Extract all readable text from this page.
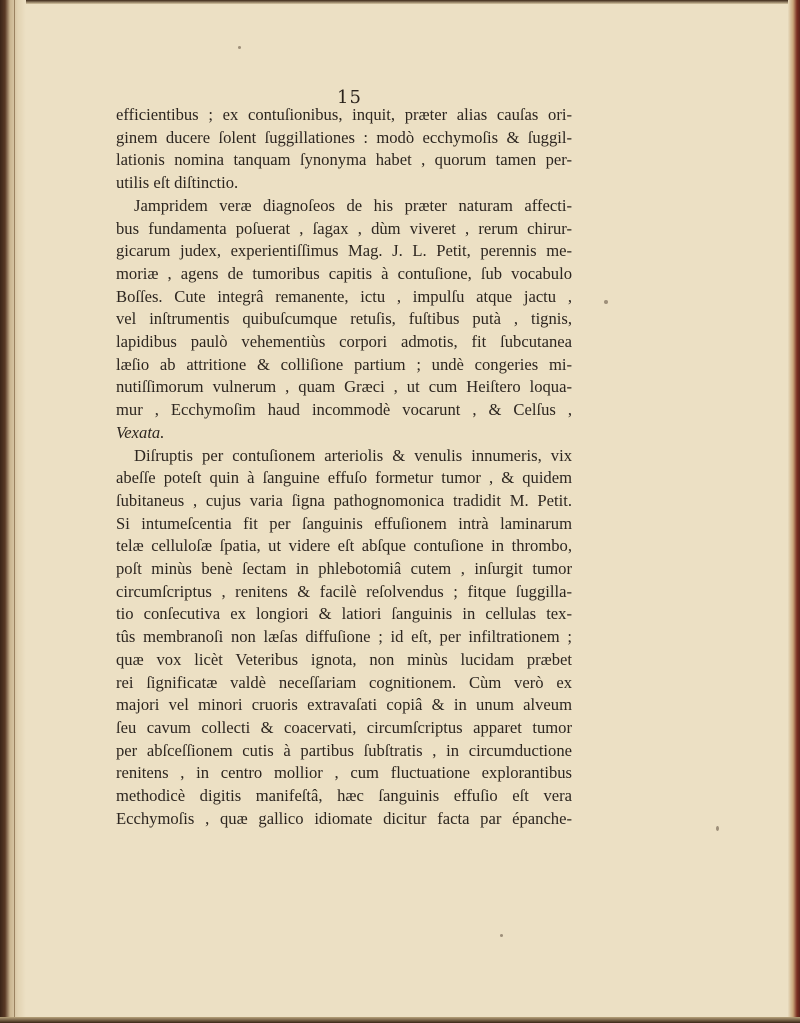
15
efficientibus ; ex contuſionibus, inquit, præter alias cauſas ori-
ginem ducere ſolent ſuggillationes : modò ecchymoſis & ſuggil-
lationis nomina tanquam ſynonyma habet , quorum tamen per-
utilis eſt diſtinctio.
Jampridem veræ diagnoſeos de his præter naturam affecti-
bus fundamenta poſuerat , ſagax , dùm viveret , rerum chirur-
gicarum judex, experientiſſimus Mag. J. L. Petit, perennis me-
moriæ , agens de tumoribus capitis à contuſione, ſub vocabulo
Boſſes. Cute integrâ remanente, ictu , impulſu atque jactu ,
vel inſtrumentis quibuſcumque retuſis, fuſtibus putà , tignis,
lapidibus paulò vehementiùs corpori admotis, fit ſubcutanea
læſio ab attritione & colliſione partium ; undè congeries mi-
nutiſſimorum vulnerum , quam Græci , ut cum Heiſtero loqua-
mur , Ecchymoſim haud incommodè vocarunt , & Celſus ,
Vexata.
Diſruptis per contuſionem arteriolis & venulis innumeris, vix
abeſſe poteſt quin à ſanguine effuſo formetur tumor , & quidem
ſubitaneus , cujus varia ſigna pathognomonica tradidit M. Petit.
Si intumeſcentia fit per ſanguinis effuſionem intrà laminarum
telæ celluloſæ ſpatia, ut videre eſt abſque contuſione in thrombo,
poſt minùs benè ſectam in phlebotomiâ cutem , inſurgit tumor
circumſcriptus , renitens & facilè reſolvendus ; fitque ſuggilla-
tio conſecutiva ex longiori & latiori ſanguinis in cellulas tex-
tûs membranoſi non læſas diffuſione ; id eſt, per infiltrationem ;
quæ vox licèt Veteribus ignota, non minùs lucidam præbet
rei ſignificatæ valdè neceſſariam cognitionem. Cùm verò ex
majori vel minori cruoris extravaſati copiâ & in unum alveum
ſeu cavum collecti & coacervati, circumſcriptus apparet tumor
per abſceſſionem cutis à partibus ſubſtratis , in circumductione
renitens , in centro mollior , cum fluctuatione explorantibus
methodicè digitis manifeſtâ, hæc ſanguinis effuſio eſt vera
Ecchymoſis , quæ gallico idiomate dicitur facta par épanche-
